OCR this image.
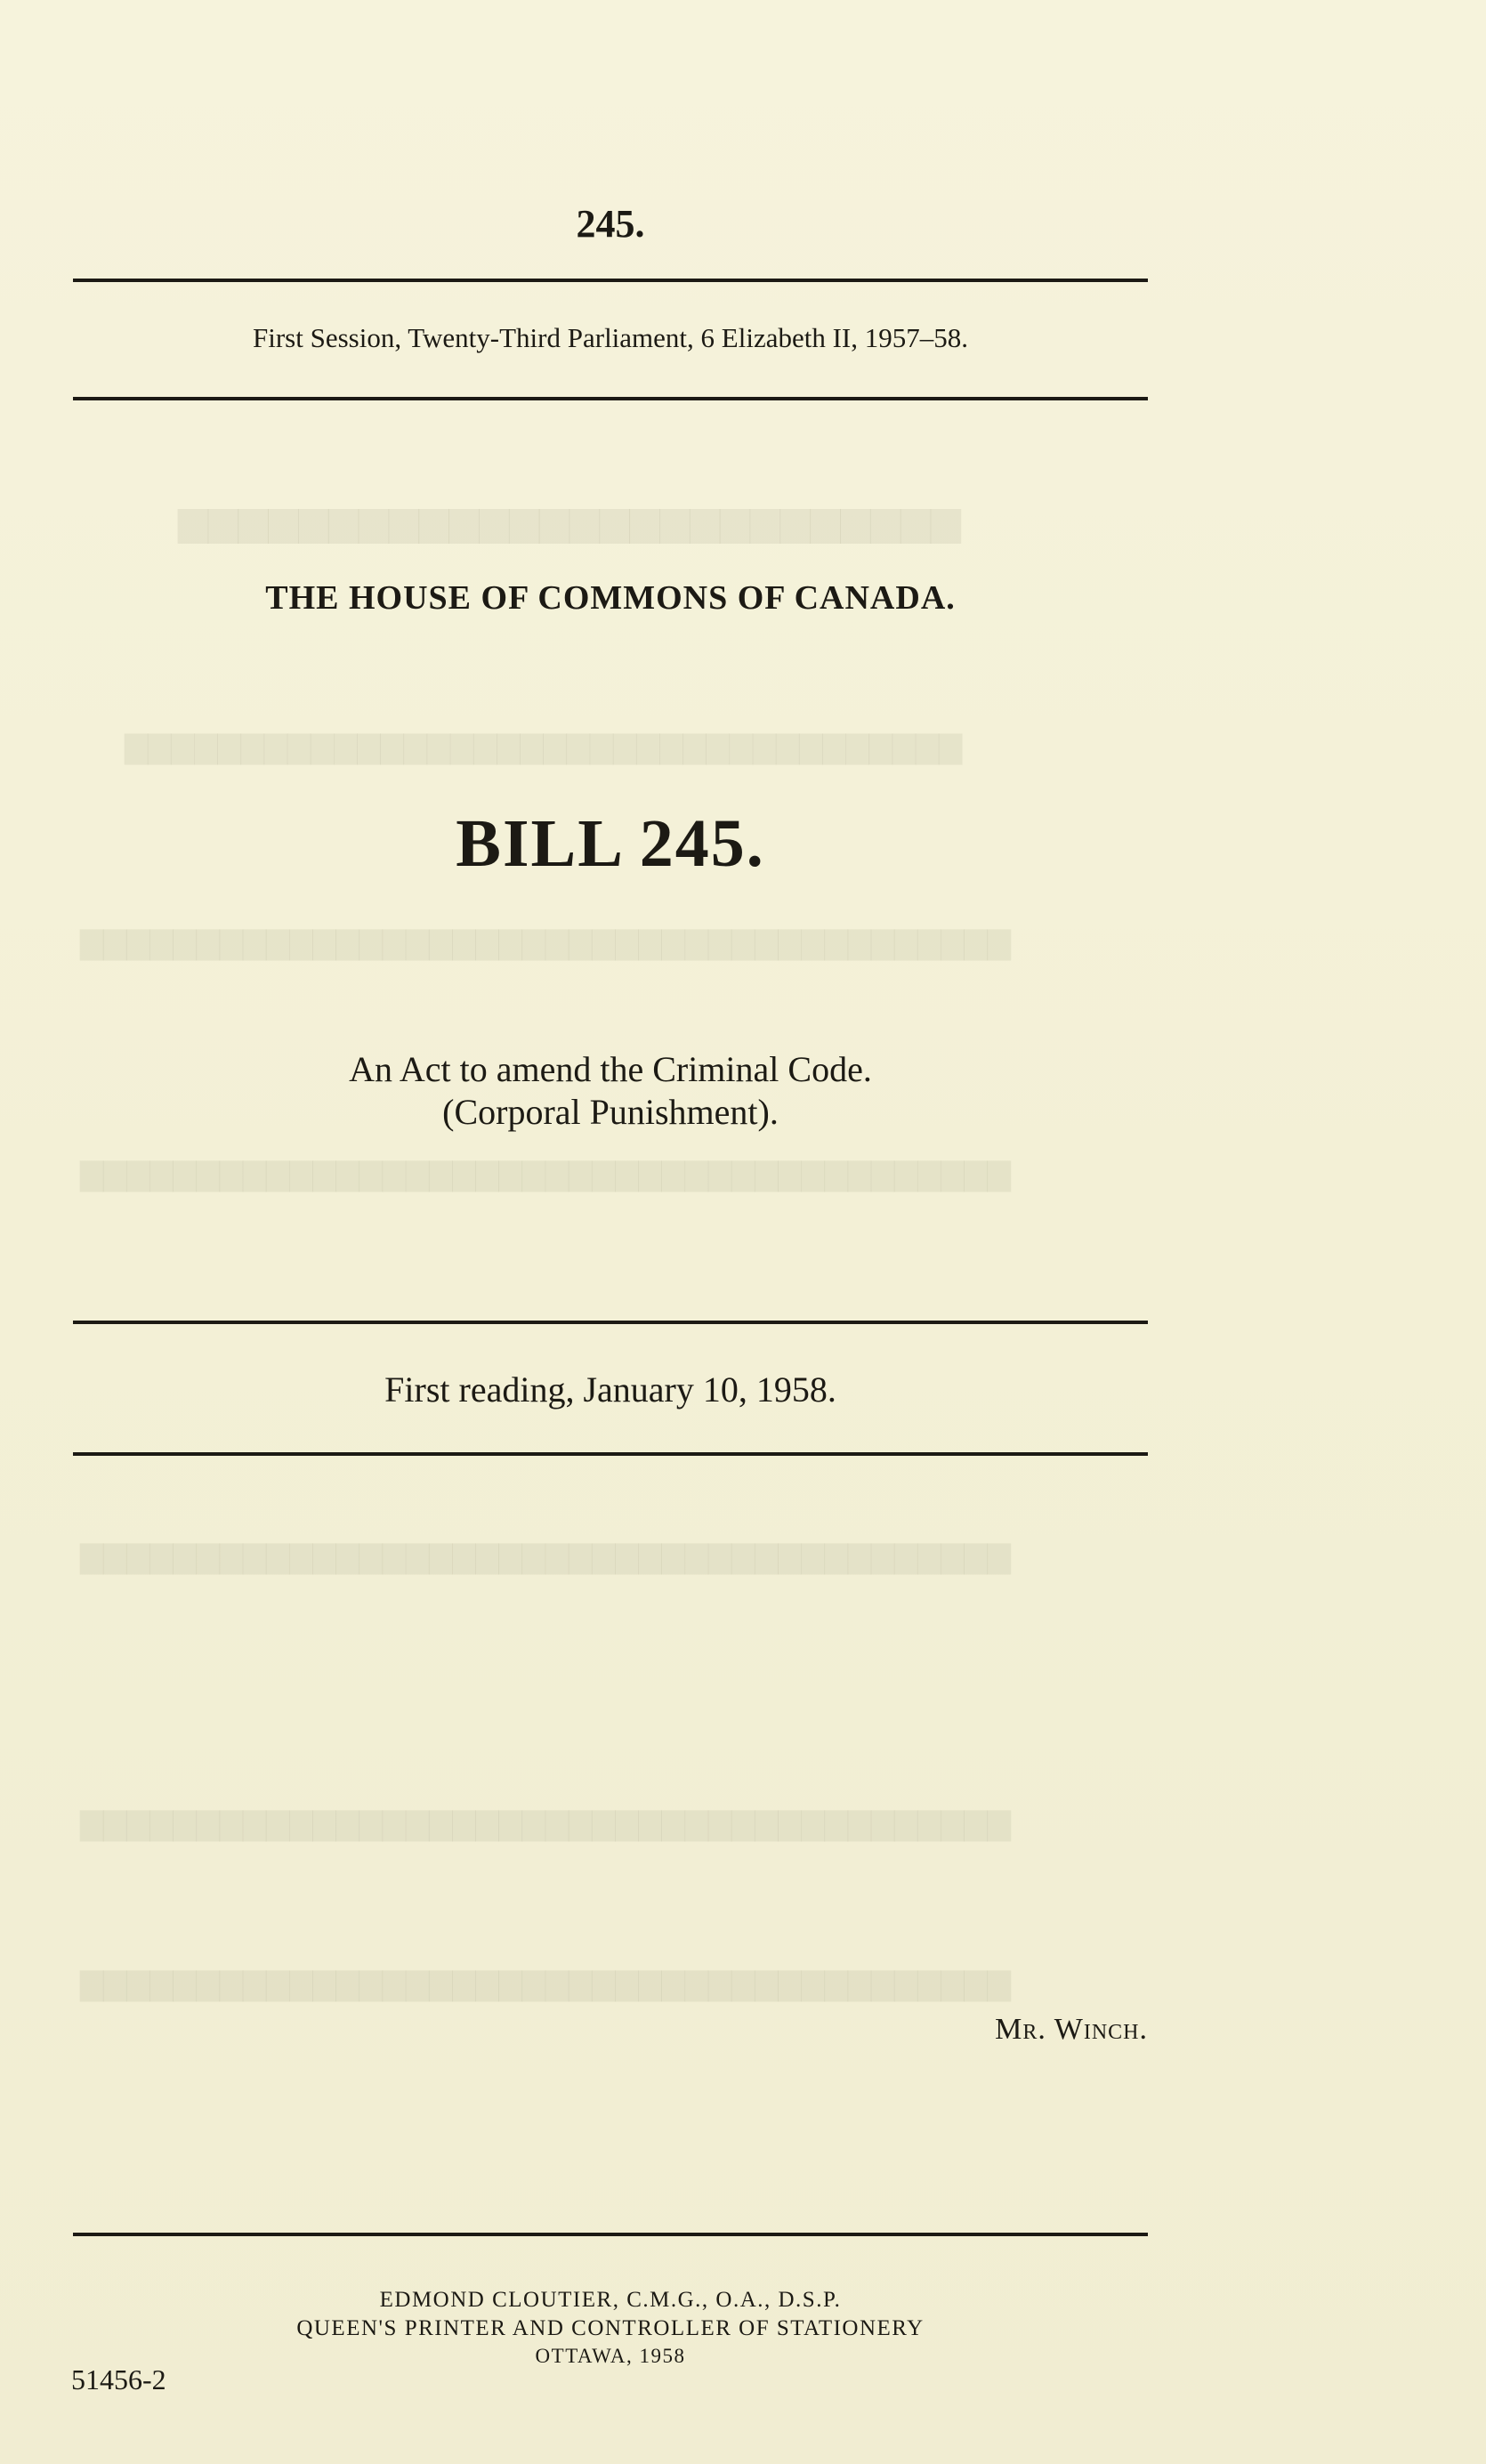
▆▆▆▆▆▆▆▆▆▆▆▆▆▆▆▆▆▆▆▆▆▆▆▆▆▆
▇▇▇▇▇▇▇▇▇▇▇▇▇▇▇▇▇▇▇▇▇▇▇▇▇▇▇▇▇▇▇▇▇▇▇▇
▇▇▇▇▇▇▇▇▇▇▇▇▇▇▇▇▇▇▇▇▇▇▇▇▇▇▇▇▇▇▇▇▇▇▇▇▇▇▇▇
▇▇▇▇▇▇▇▇▇▇▇▇▇▇▇▇▇▇▇▇▇▇▇▇▇▇▇▇▇▇▇▇▇▇▇▇▇▇▇▇
▇▇▇▇▇▇▇▇▇▇▇▇▇▇▇▇▇▇▇▇▇▇▇▇▇▇▇▇▇▇▇▇▇▇▇▇▇▇▇▇
▇▇▇▇▇▇▇▇▇▇▇▇▇▇▇▇▇▇▇▇▇▇▇▇▇▇▇▇▇▇▇▇▇▇▇▇▇▇▇▇
▇▇▇▇▇▇▇▇▇▇▇▇▇▇▇▇▇▇▇▇▇▇▇▇▇▇▇▇▇▇▇▇▇▇▇▇▇▇▇▇
245.
First Session, Twenty-Third Parliament, 6 Elizabeth II, 1957–58.
THE HOUSE OF COMMONS OF CANADA.
BILL 245.
An Act to amend the Criminal Code.
(Corporal Punishment).
First reading, January 10, 1958.
Mr. Winch.
EDMOND CLOUTIER, C.M.G., O.A., D.S.P.
QUEEN'S PRINTER AND CONTROLLER OF STATIONERY
OTTAWA, 1958
51456-2
